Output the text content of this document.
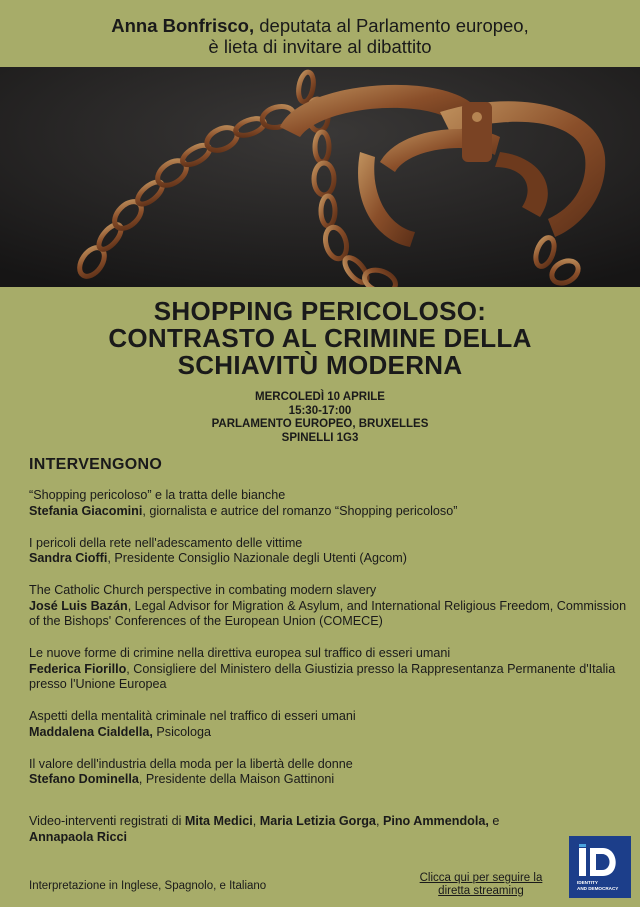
Anna Bonfrisco, deputata al Parlamento europeo,
è lieta di invitare al dibattito
SHOPPING PERICOLOSO:
CONTRASTO AL CRIMINE DELLA
SCHIAVITÙ MODERNA
MERCOLEDÌ 10 APRILE
15:30-17:00
PARLAMENTO EUROPEO, BRUXELLES
SPINELLI 1G3
INTERVENGONO
“Shopping pericoloso” e la tratta delle bianche
Stefania Giacomini, giornalista e autrice del romanzo “Shopping pericoloso”
I pericoli della rete nell'adescamento delle vittime
Sandra Cioffi, Presidente Consiglio Nazionale degli Utenti (Agcom)
The Catholic Church perspective in combating modern slavery
José Luis Bazán, Legal Advisor for Migration & Asylum, and International Religious Freedom, Commission of the Bishops' Conferences of the European Union (COMECE)
Le nuove forme di crimine nella direttiva europea sul traffico di esseri umani
Federica Fiorillo, Consigliere del Ministero della Giustizia presso la Rappresentanza Permanente d'Italia presso l'Unione Europea
Aspetti della mentalità criminale nel traffico di esseri umani
Maddalena Cialdella, Psicologa
Il valore dell'industria della moda per la libertà delle donne
Stefano Dominella, Presidente della Maison Gattinoni
Video-interventi registrati di Mita Medici, Maria Letizia Gorga, Pino Ammendola, e
Annapaola Ricci
Interpretazione in Inglese, Spagnolo, e Italiano
Clicca qui per seguire la
diretta streaming
IDENTITY
AND DEMOCRACY
